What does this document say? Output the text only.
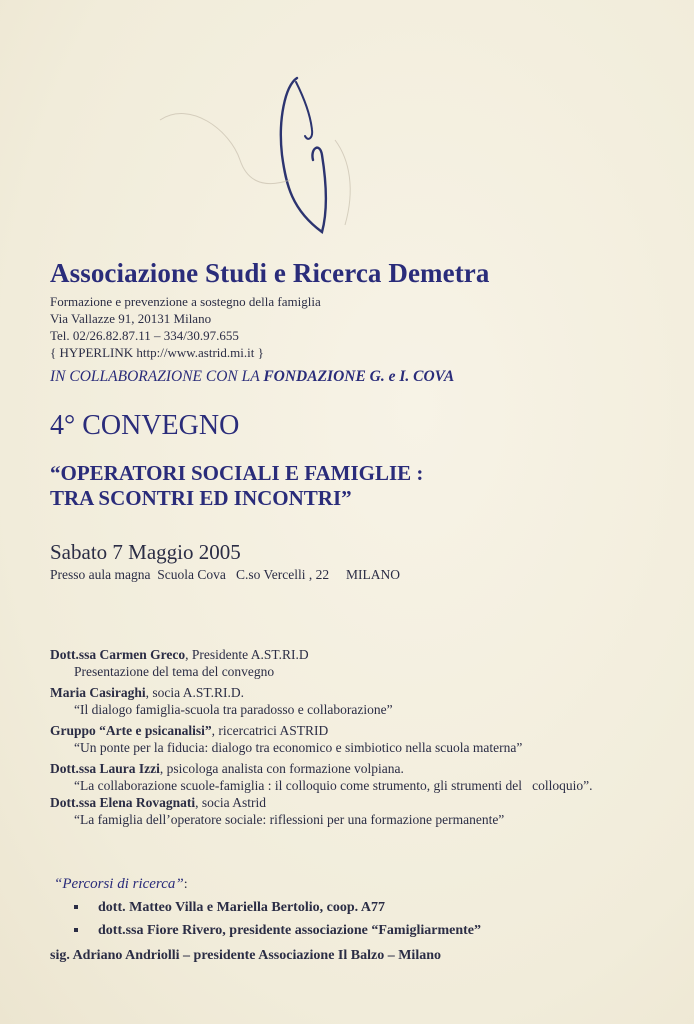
Associazione Studi e Ricerca Demetra
Formazione e prevenzione a sostegno della famiglia
Via Vallazze 91, 20131 Milano
Tel. 02/26.82.87.11 – 334/30.97.655
{ HYPERLINK http://www.astrid.mi.it }
IN COLLABORAZIONE CON LA FONDAZIONE G. e I. COVA
4° CONVEGNO
“OPERATORI SOCIALI E FAMIGLIE :
TRA SCONTRI ED INCONTRI”
Sabato 7 Maggio 2005
Presso aula magna  Scuola Cova   C.so Vercelli , 22     MILANO
Dott.ssa Carmen Greco, Presidente A.ST.RI.D
Presentazione del tema del convegno
Maria Casiraghi, socia A.ST.RI.D.
“Il dialogo famiglia-scuola tra paradosso e collaborazione”
Gruppo “Arte e psicanalisi”, ricercatrici ASTRID
“Un ponte per la fiducia: dialogo tra economico e simbiotico nella scuola materna”
Dott.ssa Laura Izzi, psicologa analista con formazione volpiana.
“La collaborazione scuole-famiglia : il colloquio come strumento, gli strumenti del   colloquio”.
Dott.ssa Elena Rovagnati, socia Astrid
“La famiglia dell’operatore sociale: riflessioni per una formazione permanente”
“Percorsi di ricerca”:
dott. Matteo Villa e Mariella Bertolio, coop. A77
dott.ssa Fiore Rivero, presidente associazione “Famigliarmente”
sig. Adriano Andriolli – presidente Associazione Il Balzo – Milano
